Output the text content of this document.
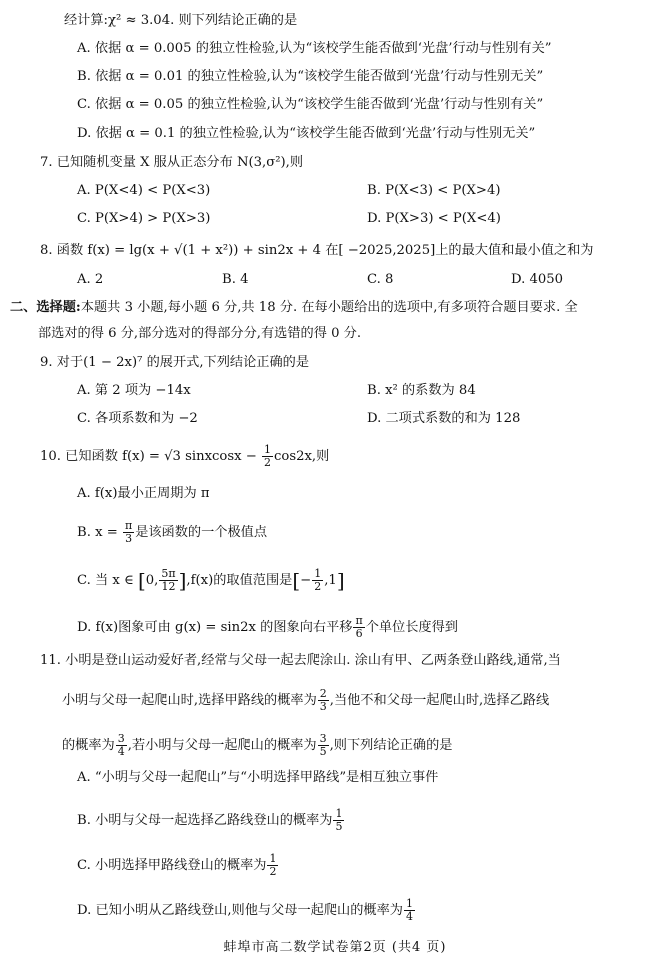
经计算:χ² ≈ 3.04. 则下列结论正确的是
A. 依据 α = 0.005 的独立性检验,认为“该校学生能否做到‘光盘’行动与性别有关”
B. 依据 α = 0.01 的独立性检验,认为“该校学生能否做到‘光盘’行动与性别无关”
C. 依据 α = 0.05 的独立性检验,认为“该校学生能否做到‘光盘’行动与性别有关”
D. 依据 α = 0.1 的独立性检验,认为“该校学生能否做到‘光盘’行动与性别无关”
7. 已知随机变量 X 服从正态分布 N(3,σ²),则
A. P(X<4) < P(X<3)	B. P(X<3) < P(X>4)
C. P(X>4) > P(X>3)	D. P(X>3) < P(X<4)
8. 函数 f(x) = lg(x + √(1 + x²)) + sin2x + 4 在[ −2025,2025]上的最大值和最小值之和为
A. 2	B. 4	C. 8	D. 4050
二、选择题:本题共 3 小题,每小题 6 分,共 18 分. 在每小题给出的选项中,有多项符合题目要求. 全
部选对的得 6 分,部分选对的得部分分,有选错的得 0 分.
9. 对于(1 − 2x)⁷ 的展开式,下列结论正确的是
A. 第 2 项为 −14x	B. x² 的系数为 84
C. 各项系数和为 −2	D. 二项式系数的和为 128
10. 已知函数 f(x) = √3 sinxcosx − $\frac{1}{2} \cos 2x$,则
A. f(x)最小正周期为 π
B. $x = \frac{\pi}{3}$ 是该函数的一个极值点
C. 当 x ∈ [0, $\frac{5\pi}{12} ],f(x)$的取值范围是[− $\frac{1}{2} ,1$]
D. f(x)图象可由 g(x) = sin2x 的图象向右平移 $\frac{\pi}{6}$ 个单位长度得到
11. 小明是登山运动爱好者,经常与父母一起去爬涂山. 涂山有甲、乙两条登山路线,通常,当
小明与父母一起爬山时,选择甲路线的概率为 $\frac{2}{3}$ ,当他不和父母一起爬山时,选择乙路线
的概率为 $\frac{3}{4}$ ,若小明与父母一起爬山的概率为 $\frac{3}{5}$ ,则下列结论正确的是
A. “小明与父母一起爬山”与“小明选择甲路线”是相互独立事件
B. 小明与父母一起选择乙路线登山的概率为 $\frac{1}{5}$
C. 小明选择甲路线登山的概率为 $\frac{1}{2}$
D. 已知小明从乙路线登山,则他与父母一起爬山的概率为 $\frac{1}{4}$
蚌埠市高二数学试卷第2页 (共4 页)
